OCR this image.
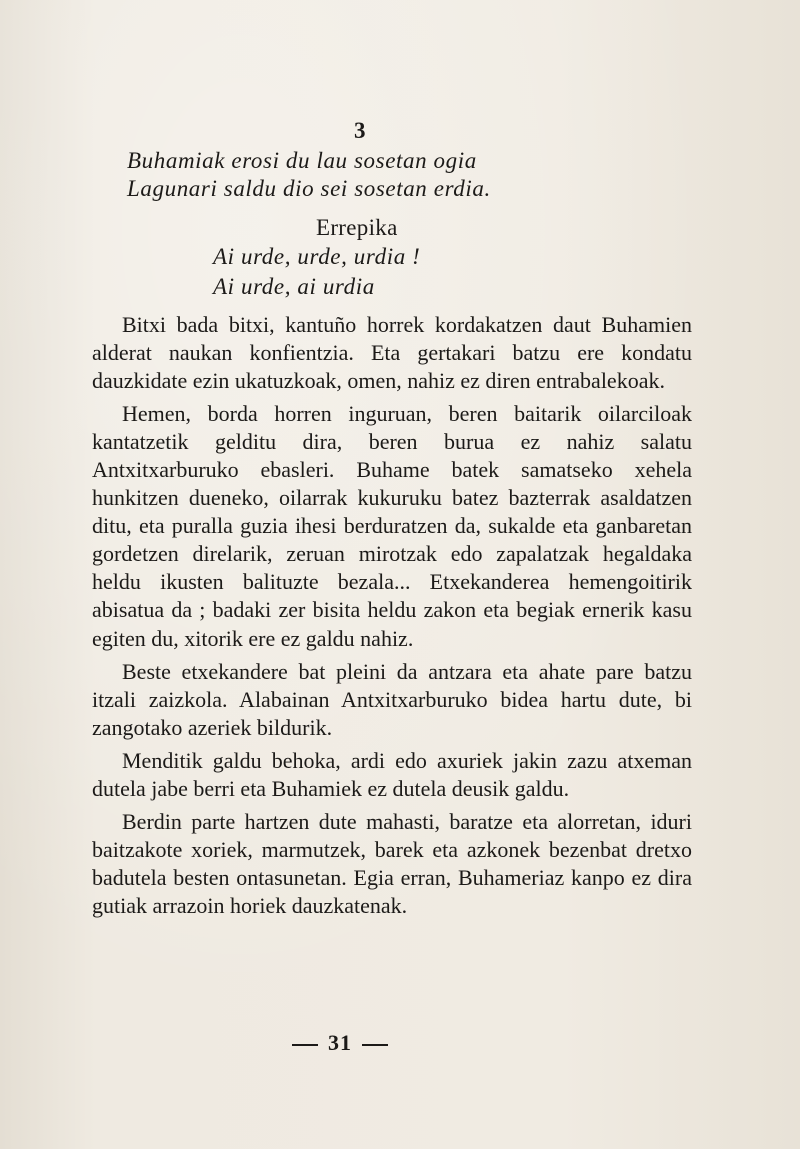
3
Buhamiak erosi du lau sosetan ogia
Lagunari saldu dio sei sosetan erdia.
Errepika
Ai urde, urde, urdia !
Ai urde, ai urdia

Bitxi bada bitxi, kantuño horrek kordakatzen daut Buhamien alderat naukan konfientzia. Eta gertakari batzu ere kondatu dauzkidate ezin ukatuzkoak, omen, nahiz ez diren entrabalekoak.

Hemen, borda horren inguruan, beren baitarik oilarciloak kantatzetik gelditu dira, beren burua ez nahiz salatu Antxitxarburuko ebasleri. Buhame batek samatseko xehela hunkitzen dueneko, oilarrak kukuruku batez bazterrak asaldatzen ditu, eta puralla guzia ihesi berduratzen da, sukalde eta ganbaretan gordetzen direlarik, zeruan mirotzak edo zapalatzak hegaldaka heldu ikusten balituzte bezala... Etxekanderea hemengoitirik abisatua da ; badaki zer bisita heldu zakon eta begiak ernerik kasu egiten du, xitorik ere ez galdu nahiz.

Beste etxekandere bat pleini da antzara eta ahate pare batzu itzali zaizkola. Alabainan Antxitxarburuko bidea hartu dute, bi zangotako azeriek bildurik.

Menditik galdu behoka, ardi edo axuriek jakin zazu atxeman dutela jabe berri eta Buhamiek ez dutela deusik galdu.

Berdin parte hartzen dute mahasti, baratze eta alorretan, iduri baitzakote xoriek, marmutzek, barek eta azkonek bezenbat dretxo badutela besten ontasunetan. Egia erran, Buhameriaz kanpo ez dira gutiak arrazoin horiek dauzkatenak.

31
